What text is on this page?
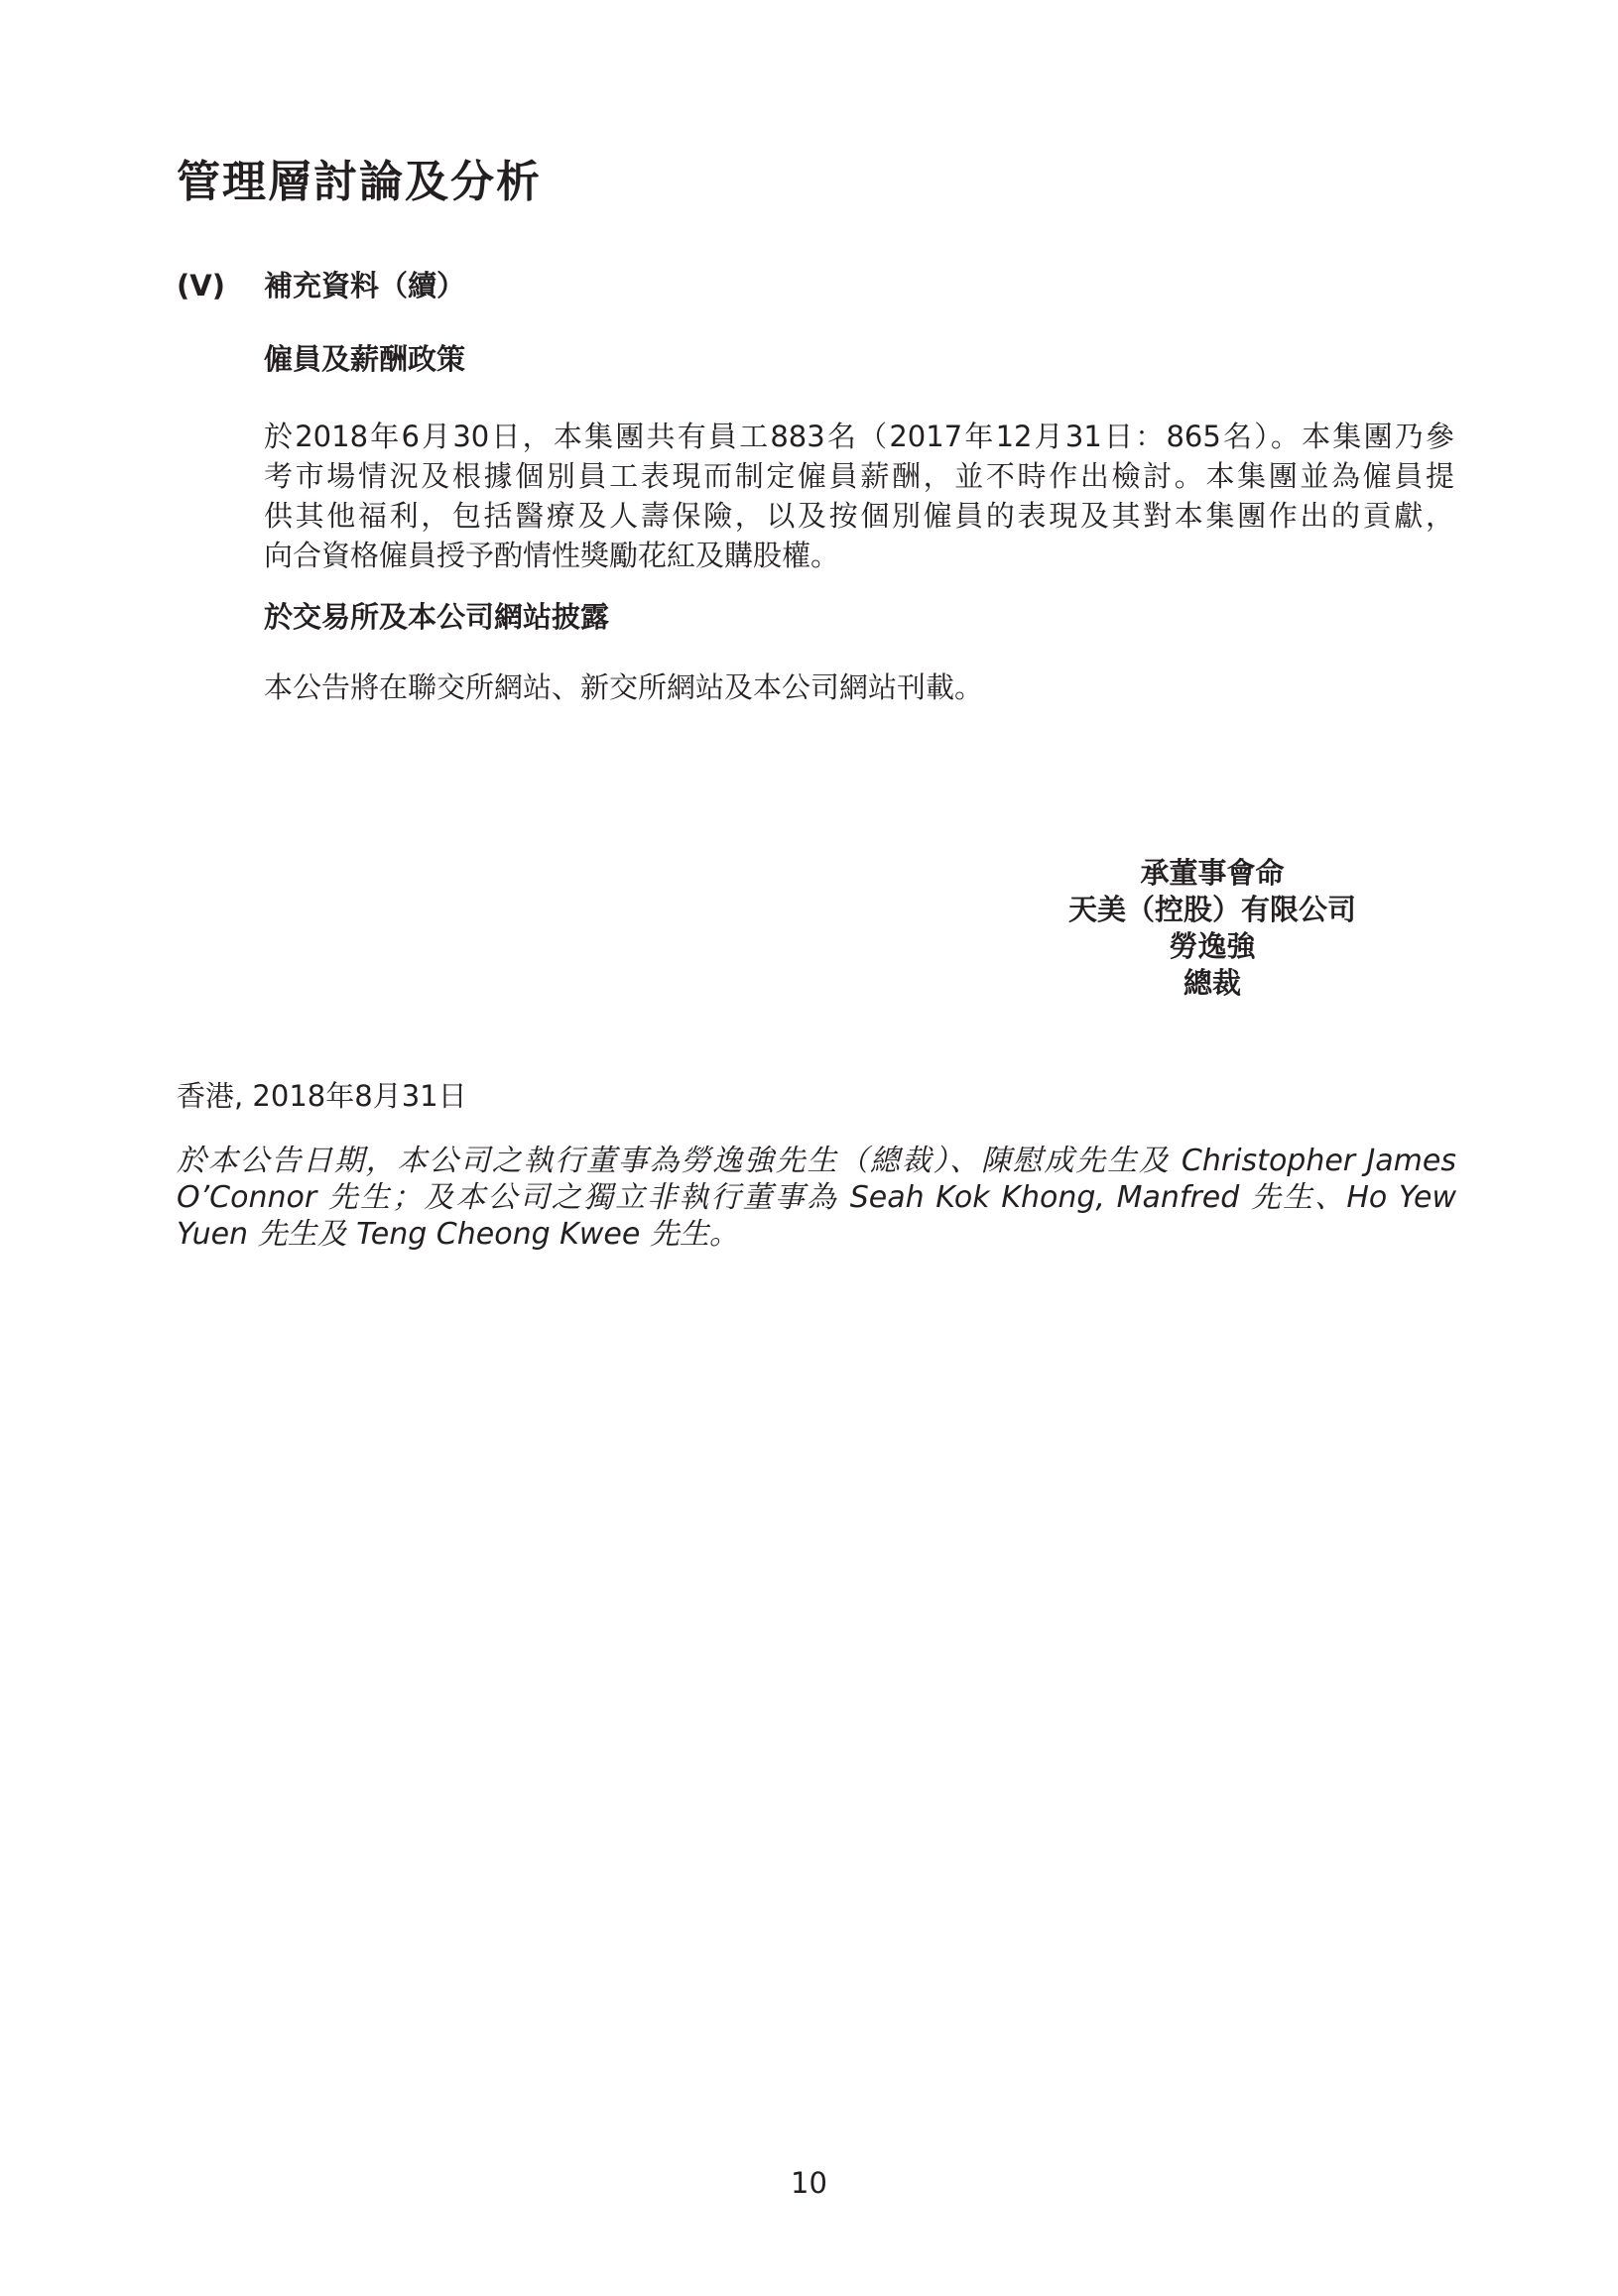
管理層討論及分析
(V) 補充資料（續）
僱員及薪酬政策
於2018年6月30日，本集團共有員工883名（2017年12月31日：865名）。本集團乃參
考市場情況及根據個別員工表現而制定僱員薪酬，並不時作出檢討。本集團並為僱員提
供其他福利，包括醫療及人壽保險，以及按個別僱員的表現及其對本集團作出的貢獻，
向合資格僱員授予酌情性獎勵花紅及購股權。
於交易所及本公司網站披露
本公告將在聯交所網站、新交所網站及本公司網站刊載。
承董事會命
天美（控股）有限公司
勞逸強
總裁
香港, 2018年8月31日
於本公告日期，本公司之執行董事為勞逸強先生（總裁）、陳慰成先生及 Christopher James
O’Connor 先生；及本公司之獨立非執行董事為 Seah Kok Khong, Manfred 先生、Ho Yew
Yuen 先生及 Teng Cheong Kwee 先生。
10
